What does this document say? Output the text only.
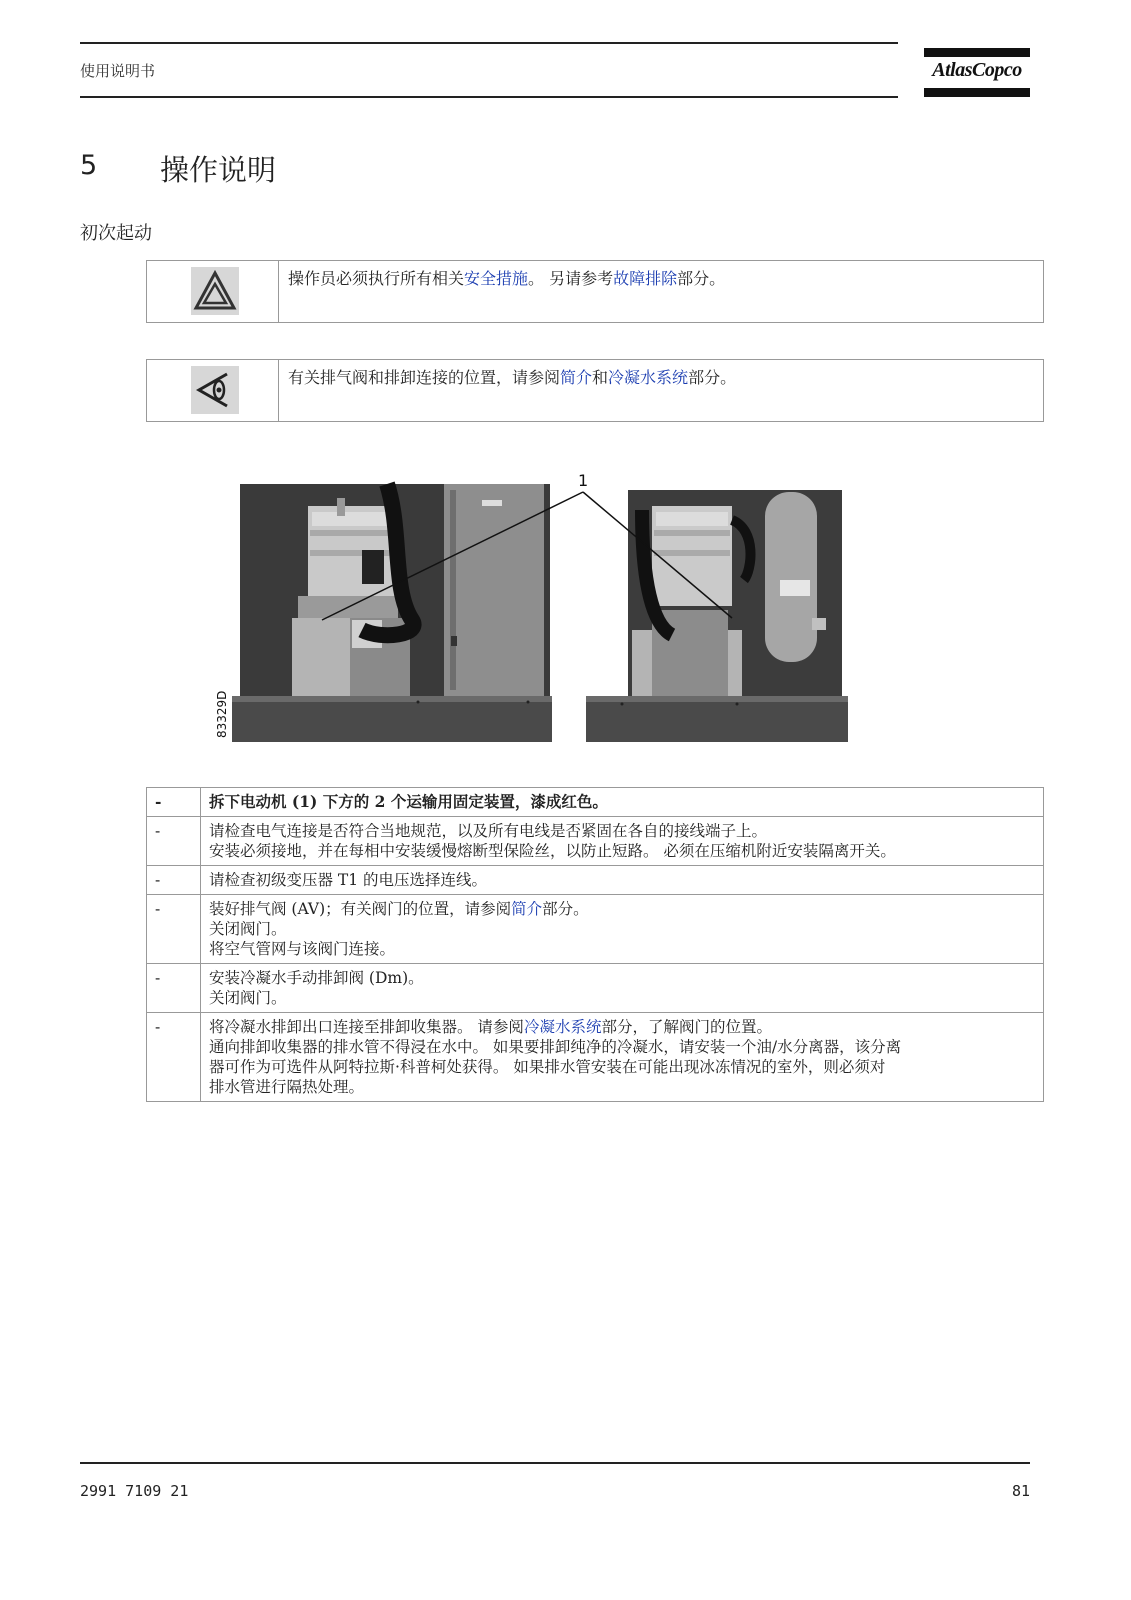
使用说明书	AtlasCopco
5 操作说明
初次起动
操作员必须执行所有相关安全措施。 另请参考故障排除部分。
有关排气阀和排卸连接的位置，请参阅简介和冷凝水系统部分。
1
83329D
-	拆下电动机 (1) 下方的 2 个运输用固定装置，漆成红色。

-	请检查电气连接是否符合当地规范，以及所有电线是否紧固在各自的接线端子上。
安装必须接地，并在每相中安装缓慢熔断型保险丝，以防止短路。 必须在压缩机附近安装隔离开关。

-	请检查初级变压器 T1 的电压选择连线。

-	装好排气阀 (AV)；有关阀门的位置，请参阅简介部分。
关闭阀门。
将空气管网与该阀门连接。

-	安装冷凝水手动排卸阀 (Dm)。
关闭阀门。

-	将冷凝水排卸出口连接至排卸收集器。 请参阅冷凝水系统部分，了解阀门的位置。
通向排卸收集器的排水管不得浸在水中。 如果要排卸纯净的冷凝水，请安装一个油/水分离器，该分离
器可作为可选件从阿特拉斯·科普柯处获得。 如果排水管安装在可能出现冰冻情况的室外，则必须对
排水管进行隔热处理。
2991 7109 21	81
